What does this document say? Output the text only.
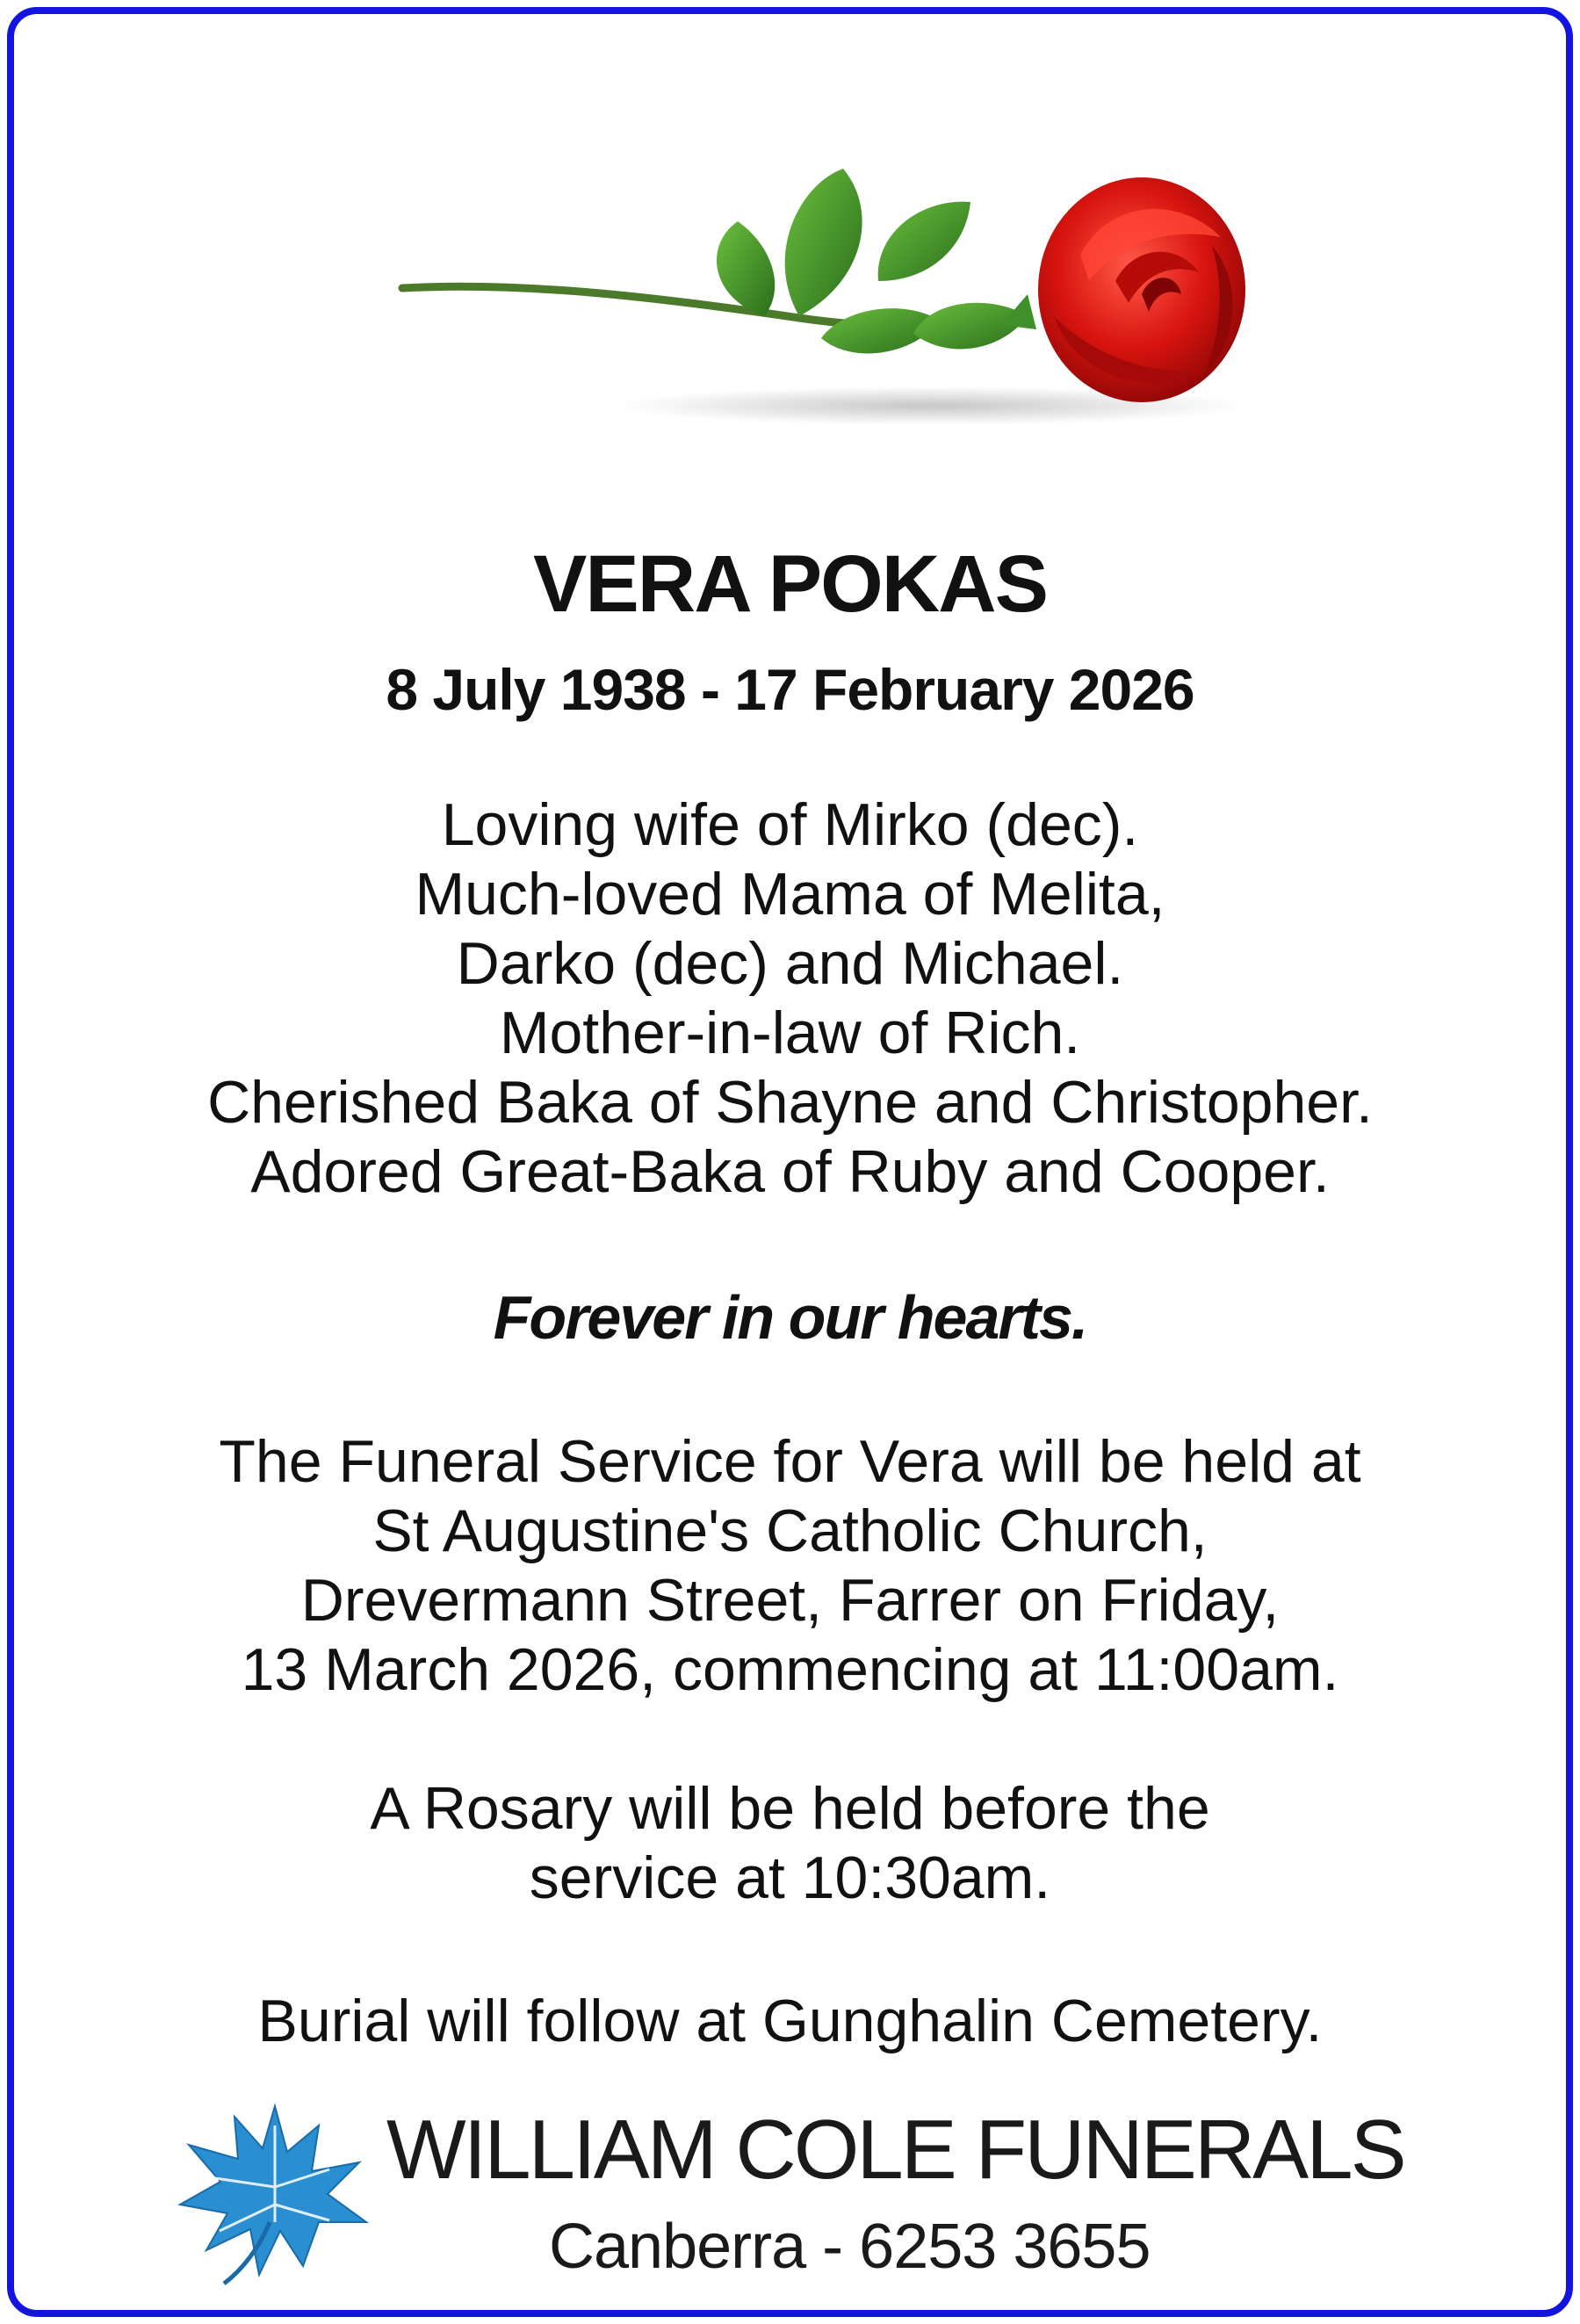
VERA POKAS
8 July 1938 - 17 February 2026
Loving wife of Mirko (dec).
Much-loved Mama of Melita,
Darko (dec) and Michael.
Mother-in-law of Rich.
Cherished Baka of Shayne and Christopher.
Adored Great-Baka of Ruby and Cooper.
Forever in our hearts.
The Funeral Service for Vera will be held at
St Augustine's Catholic Church,
Drevermann Street, Farrer on Friday,
13 March 2026, commencing at 11:00am.
A Rosary will be held before the
service at 10:30am.
Burial will follow at Gunghalin Cemetery.
WILLIAM COLE FUNERALS
Canberra - 6253 3655
